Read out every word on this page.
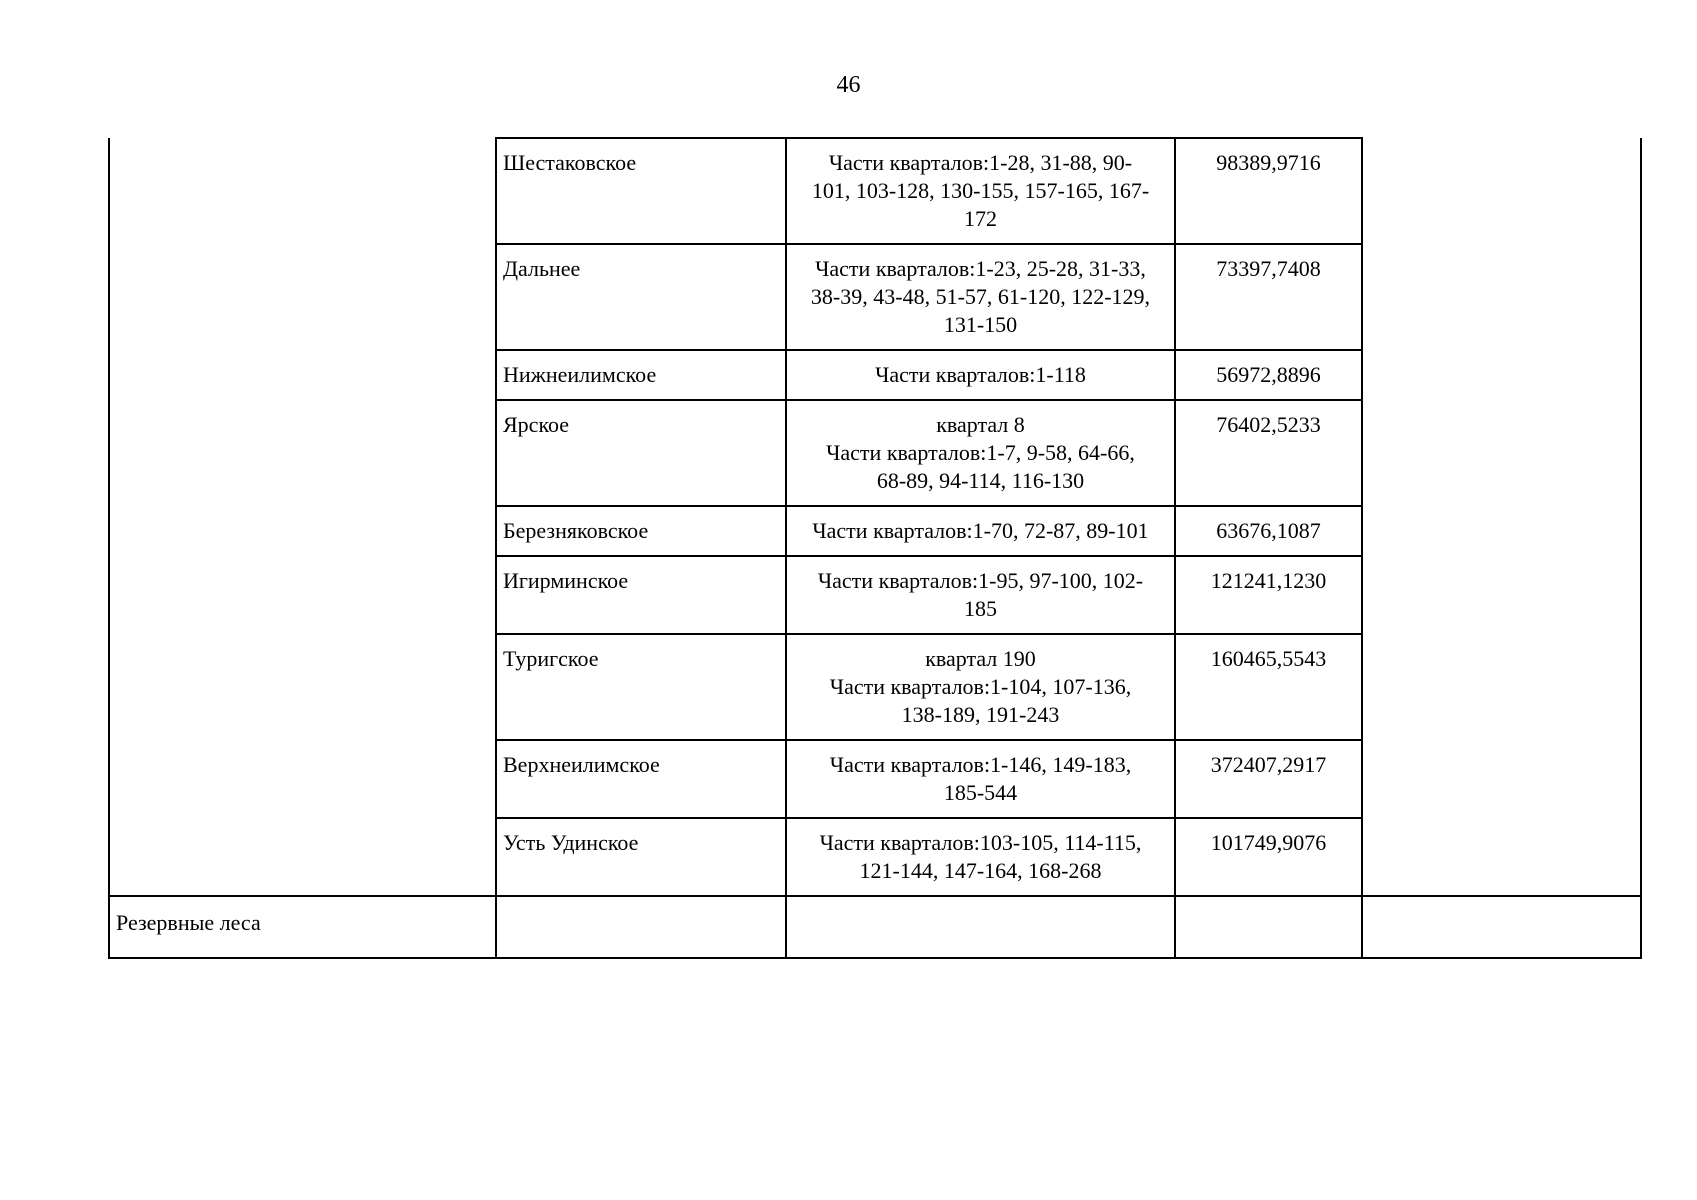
46
	Шестаковское	Части кварталов:1-28, 31-88, 90-
101, 103-128, 130-155, 157-165, 167-
172	98389,9716	
	Дальнее	Части кварталов:1-23, 25-28, 31-33,
38-39, 43-48, 51-57, 61-120, 122-129,
131-150	73397,7408	
	Нижнеилимское	Части кварталов:1-118	56972,8896	
	Ярское	квартал 8
Части кварталов:1-7, 9-58, 64-66,
68-89, 94-114, 116-130	76402,5233	
	Березняковское	Части кварталов:1-70, 72-87, 89-101	63676,1087	
	Игирминское	Части кварталов:1-95, 97-100, 102-
185	121241,1230	
	Туригское	квартал 190
Части кварталов:1-104, 107-136,
138-189, 191-243	160465,5543	
	Верхнеилимское	Части кварталов:1-146, 149-183,
185-544	372407,2917	
	Усть Удинское	Части кварталов:103-105, 114-115,
121-144, 147-164, 168-268	101749,9076	
Резервные леса				
